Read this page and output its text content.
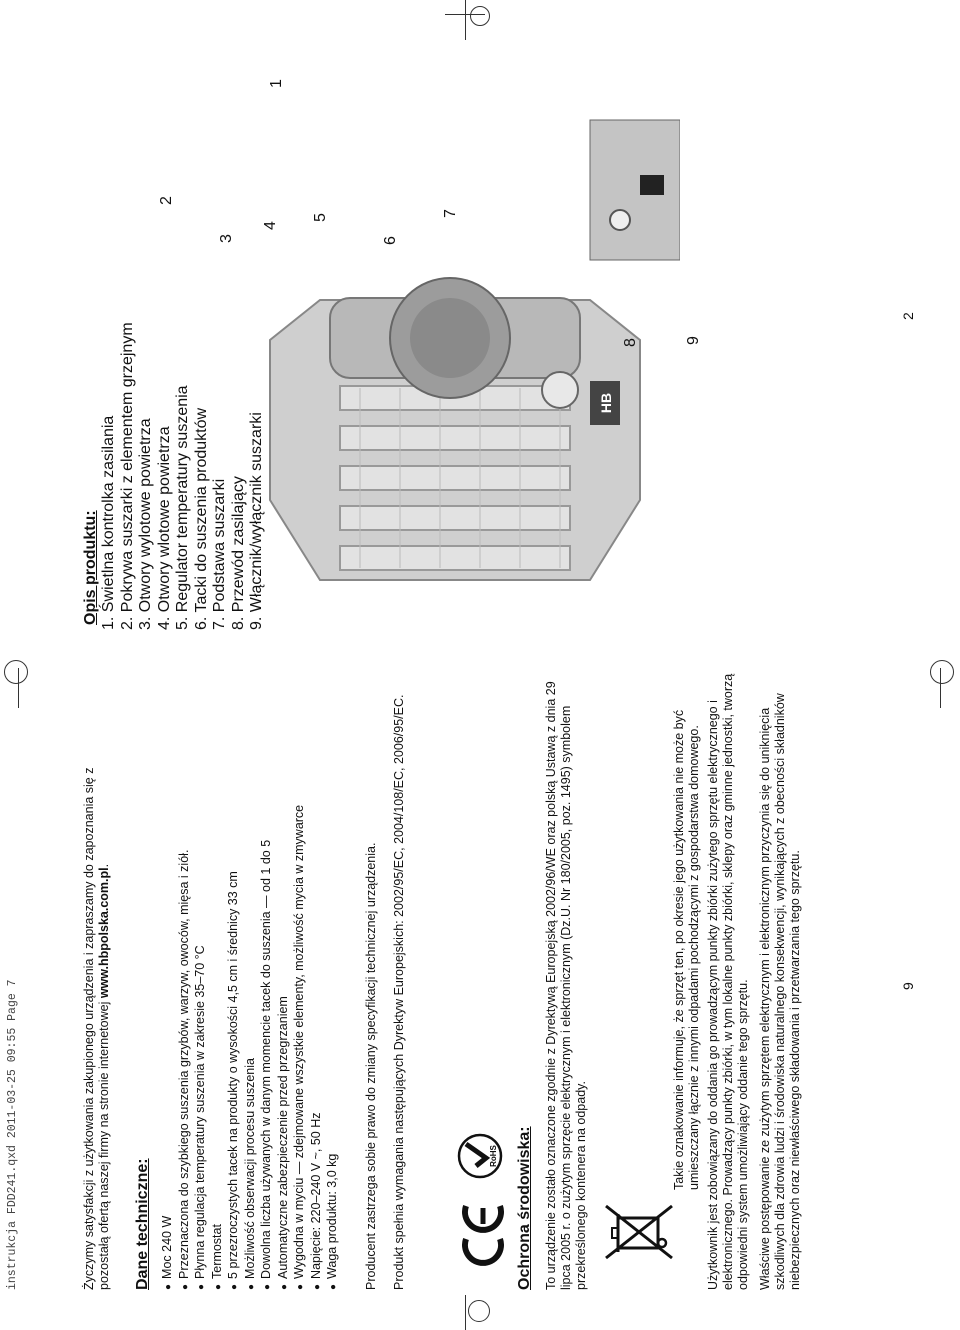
instrukcja FDD241.qxd 2011-03-25 09:55 Page 7	Życzymy satysfakcji z użytkowania zakupionego urządzenia i zapraszamy do zapoznania się z pozostałą ofertą naszej firmy na stronie internetowej www.hbpolska.com.pl.

Dane techniczne: ● Moc 240 W ● Przeznaczona do szybkiego suszenia grzybów, warzyw, owoców, mięsa i ziół. ● Płynna regulacja temperatury suszenia w zakresie 35–70 °C ● Termostat ● 5 przezroczystych tacek na produkty o wysokości 4,5 cm i średnicy 33 cm ● Możliwość obserwacji procesu suszenia ● Dowolna liczba używanych w danym momencie tacek do suszenia — od 1 do 5 ● Automatyczne zabezpieczenie przed przegrzaniem ● Wygodna w myciu — zdejmowane wszystkie elementy, możliwość mycia w zmywarce ● Napięcie: 220–240 V ~, 50 Hz ● Waga produktu: 3,0 kg Producent zastrzega sobie prawo do zmiany specyfikacji technicznej urządzenia. Produkt spełnia wymagania następujących Dyrektyw Europejskich: 2002/95/EC, 2004/108/EC, 2006/95/EC.	RoHS Ochrona środowiska: To urządzenie zostało oznaczone zgodnie z Dyrektywą Europejską 2002/96/WE oraz polską Ustawą z dnia 29 lipca 2005 r. o zużytym sprzęcie elektrycznym i elektronicznym (Dz.U. Nr 180/2005, poz. 1495) symbolem przekreślonego kontenera na odpady.	Takie oznakowanie informuje, że sprzęt ten, po okresie jego użytkowania nie może być umieszczany łącznie z innymi odpadami pochodzącymi z gospodarstwa domowego. Użytkownik jest zobowiązany do oddania go prowadzącym punkty zbiórki zużytego sprzętu elektrycznego i elektronicznego. Prowadzący punkty zbiórki, w tym lokalne punkty zbiórki, sklepy oraz gminne jednostki, tworzą odpowiedni system umożliwiający oddanie tego sprzętu. Właściwe postępowanie ze zużytym sprzętem elektrycznym i elektronicznym przyczynia się do uniknięcia szkodliwych dla zdrowia ludzi i środowiska naturalnego konsekwencji, wynikających z obecności składników niebezpiecznych oraz niewłaściwego składowania i przetwarzania tego sprzętu.	9
Opis produktu: 1. Świetlna kontrolka zasilania 2. Pokrywa suszarki z elementem grzejnym 3. Otwory wylotowe powietrza 4. Otwory wlotowe powietrza 5. Regulator temperatury suszenia 6. Tacki do suszenia produktów 7. Podstawa suszarki 8. Przewód zasilający 9. Włącznik/wyłącznik suszarki
HB
1
2
3
4
5
6
7
8	9
2
